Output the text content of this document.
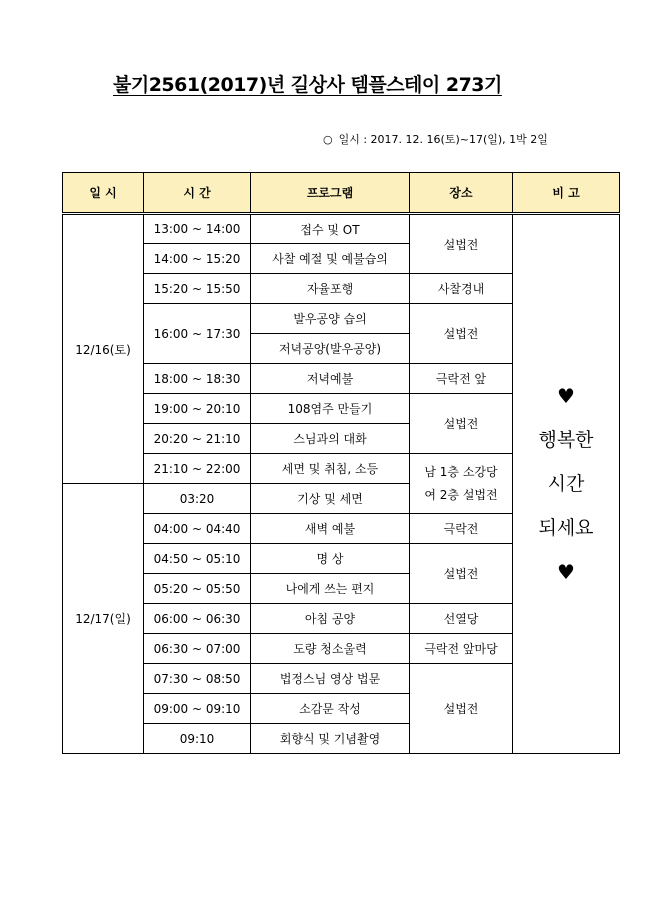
불기2561(2017)년 길상사 템플스테이 273기
○ 일시 : 2017. 12. 16(토)~17(일), 1박 2일
일 시	시 간	프로그램	장소	비 고
12/16(토)	13:00 ~ 14:00	접수 및 OT	설법전	♥
행복한
시간
되세요
♥

	14:00 ~ 15:20	사찰 예절 및 예불습의		
	15:20 ~ 15:50	자율포행	사찰경내	
	16:00 ~ 17:30	발우공양 습의	설법전	
		저녁공양(발우공양)		
	18:00 ~ 18:30	저녁예불	극락전 앞	
	19:00 ~ 20:10	108염주 만들기	설법전	
	20:20 ~ 21:10	스님과의 대화		
	21:10 ~ 22:00	세면 및 취침, 소등	남 1층 소강당
여 2층 설법전	

12/17(일)	03:20	기상 및 세면		
	04:00 ~ 04:40	새벽 예불	극락전	
	04:50 ~ 05:10	명 상	설법전	
	05:20 ~ 05:50	나에게 쓰는 편지		
	06:00 ~ 06:30	아침 공양	선열당	
	06:30 ~ 07:00	도량 청소울력	극락전 앞마당	
	07:30 ~ 08:50	법정스님 영상 법문	설법전	
	09:00 ~ 09:10	소감문 작성		
	09:10	회향식 및 기념촬영		
